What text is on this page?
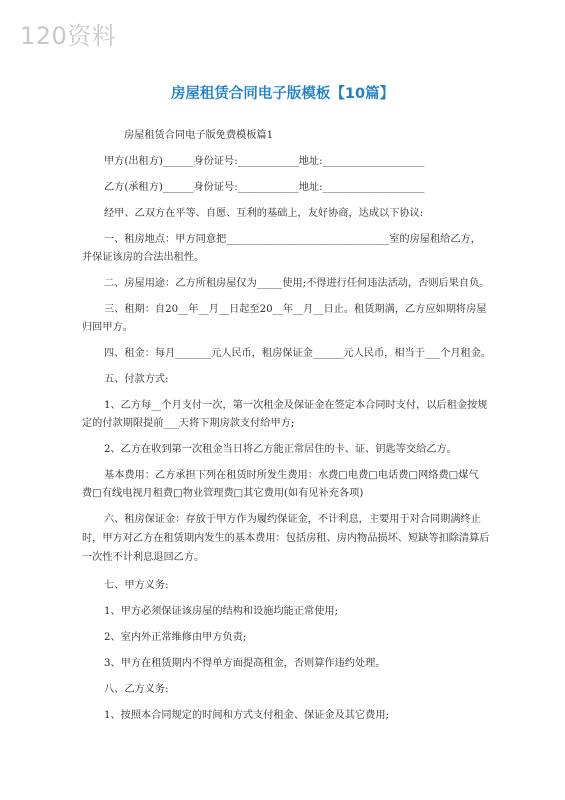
120资料
房屋租赁合同电子版模板【10篇】
房屋租赁合同电子版免费模板篇1
甲方(出租方)______身份证号:____________地址:____________________
乙方(承租方)______身份证号:____________地址:____________________
经甲、乙双方在平等、自愿、互利的基础上，友好协商，达成以下协议:
一、租房地点：甲方同意把________________________________室的房屋租给乙方，
并保证该房的合法出租性。
二、房屋用途：乙方所租房屋仅为_____使用;不得进行任何违法活动，否则后果自负。
三、租期：自20__年__月__日起至20__年__月__日止。租赁期满，乙方应如期将房屋
归回甲方。
四、租金：每月_______元人民币，租房保证金______元人民币，相当于___个月租金。
五、付款方式:
1、乙方每__个月支付一次，第一次租金及保证金在签定本合同时支付，以后租金按规
定的付款期限提前___天将下期房款支付给甲方;
2、乙方在收到第一次租金当日将乙方能正常居住的卡、证、钥匙等交给乙方。
基本费用：乙方承担下列在租赁时所发生费用：水费□电费□电话费□网络费□煤气
费□有线电视月租费□物业管理费□其它费用(如有见补充各项)
六、租房保证金：存放于甲方作为履约保证金，不计利息，主要用于对合同期满终止
时，甲方对乙方在租赁期内发生的基本费用：包括房租、房内物品损坏、短缺等扣除清算后
一次性不计利息退回乙方。
七、甲方义务:
1、甲方必须保证该房屋的结构和设施均能正常使用;
2、室内外正常维修由甲方负责;
3、甲方在租赁期内不得单方面提高租金，否则算作违约处理。
八、乙方义务:
1、按照本合同规定的时间和方式支付租金、保证金及其它费用;
